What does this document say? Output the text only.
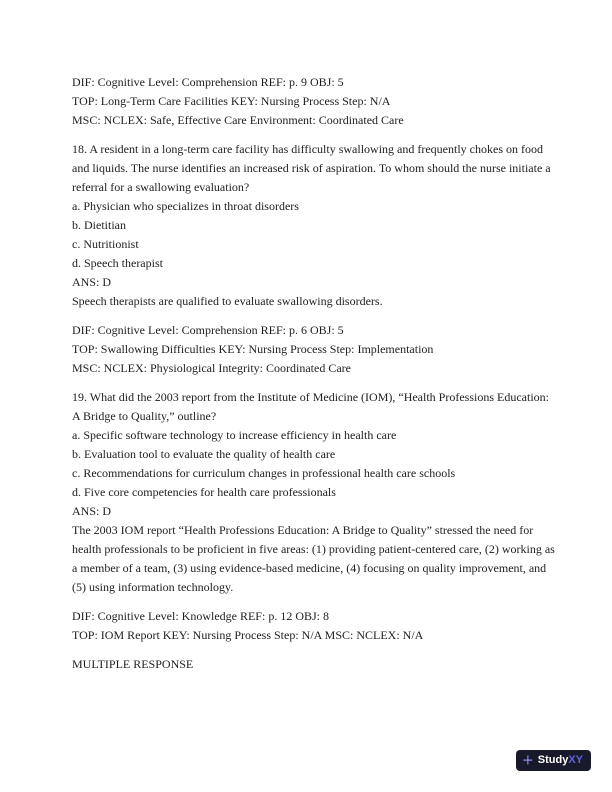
DIF: Cognitive Level: Comprehension REF: p. 9 OBJ: 5
TOP: Long-Term Care Facilities KEY: Nursing Process Step: N/A
MSC: NCLEX: Safe, Effective Care Environment: Coordinated Care
18. A resident in a long-term care facility has difficulty swallowing and frequently chokes on food
and liquids. The nurse identifies an increased risk of aspiration. To whom should the nurse initiate a
referral for a swallowing evaluation?
a. Physician who specializes in throat disorders
b. Dietitian
c. Nutritionist
d. Speech therapist
ANS: D
Speech therapists are qualified to evaluate swallowing disorders.
DIF: Cognitive Level: Comprehension REF: p. 6 OBJ: 5
TOP: Swallowing Difficulties KEY: Nursing Process Step: Implementation
MSC: NCLEX: Physiological Integrity: Coordinated Care
19. What did the 2003 report from the Institute of Medicine (IOM), “Health Professions Education:
A Bridge to Quality,” outline?
a. Specific software technology to increase efficiency in health care
b. Evaluation tool to evaluate the quality of health care
c. Recommendations for curriculum changes in professional health care schools
d. Five core competencies for health care professionals
ANS: D
The 2003 IOM report “Health Professions Education: A Bridge to Quality” stressed the need for
health professionals to be proficient in five areas: (1) providing patient-centered care, (2) working as
a member of a team, (3) using evidence-based medicine, (4) focusing on quality improvement, and
(5) using information technology.
DIF: Cognitive Level: Knowledge REF: p. 12 OBJ: 8
TOP: IOM Report KEY: Nursing Process Step: N/A MSC: NCLEX: N/A
MULTIPLE RESPONSE
+ StudyXY
